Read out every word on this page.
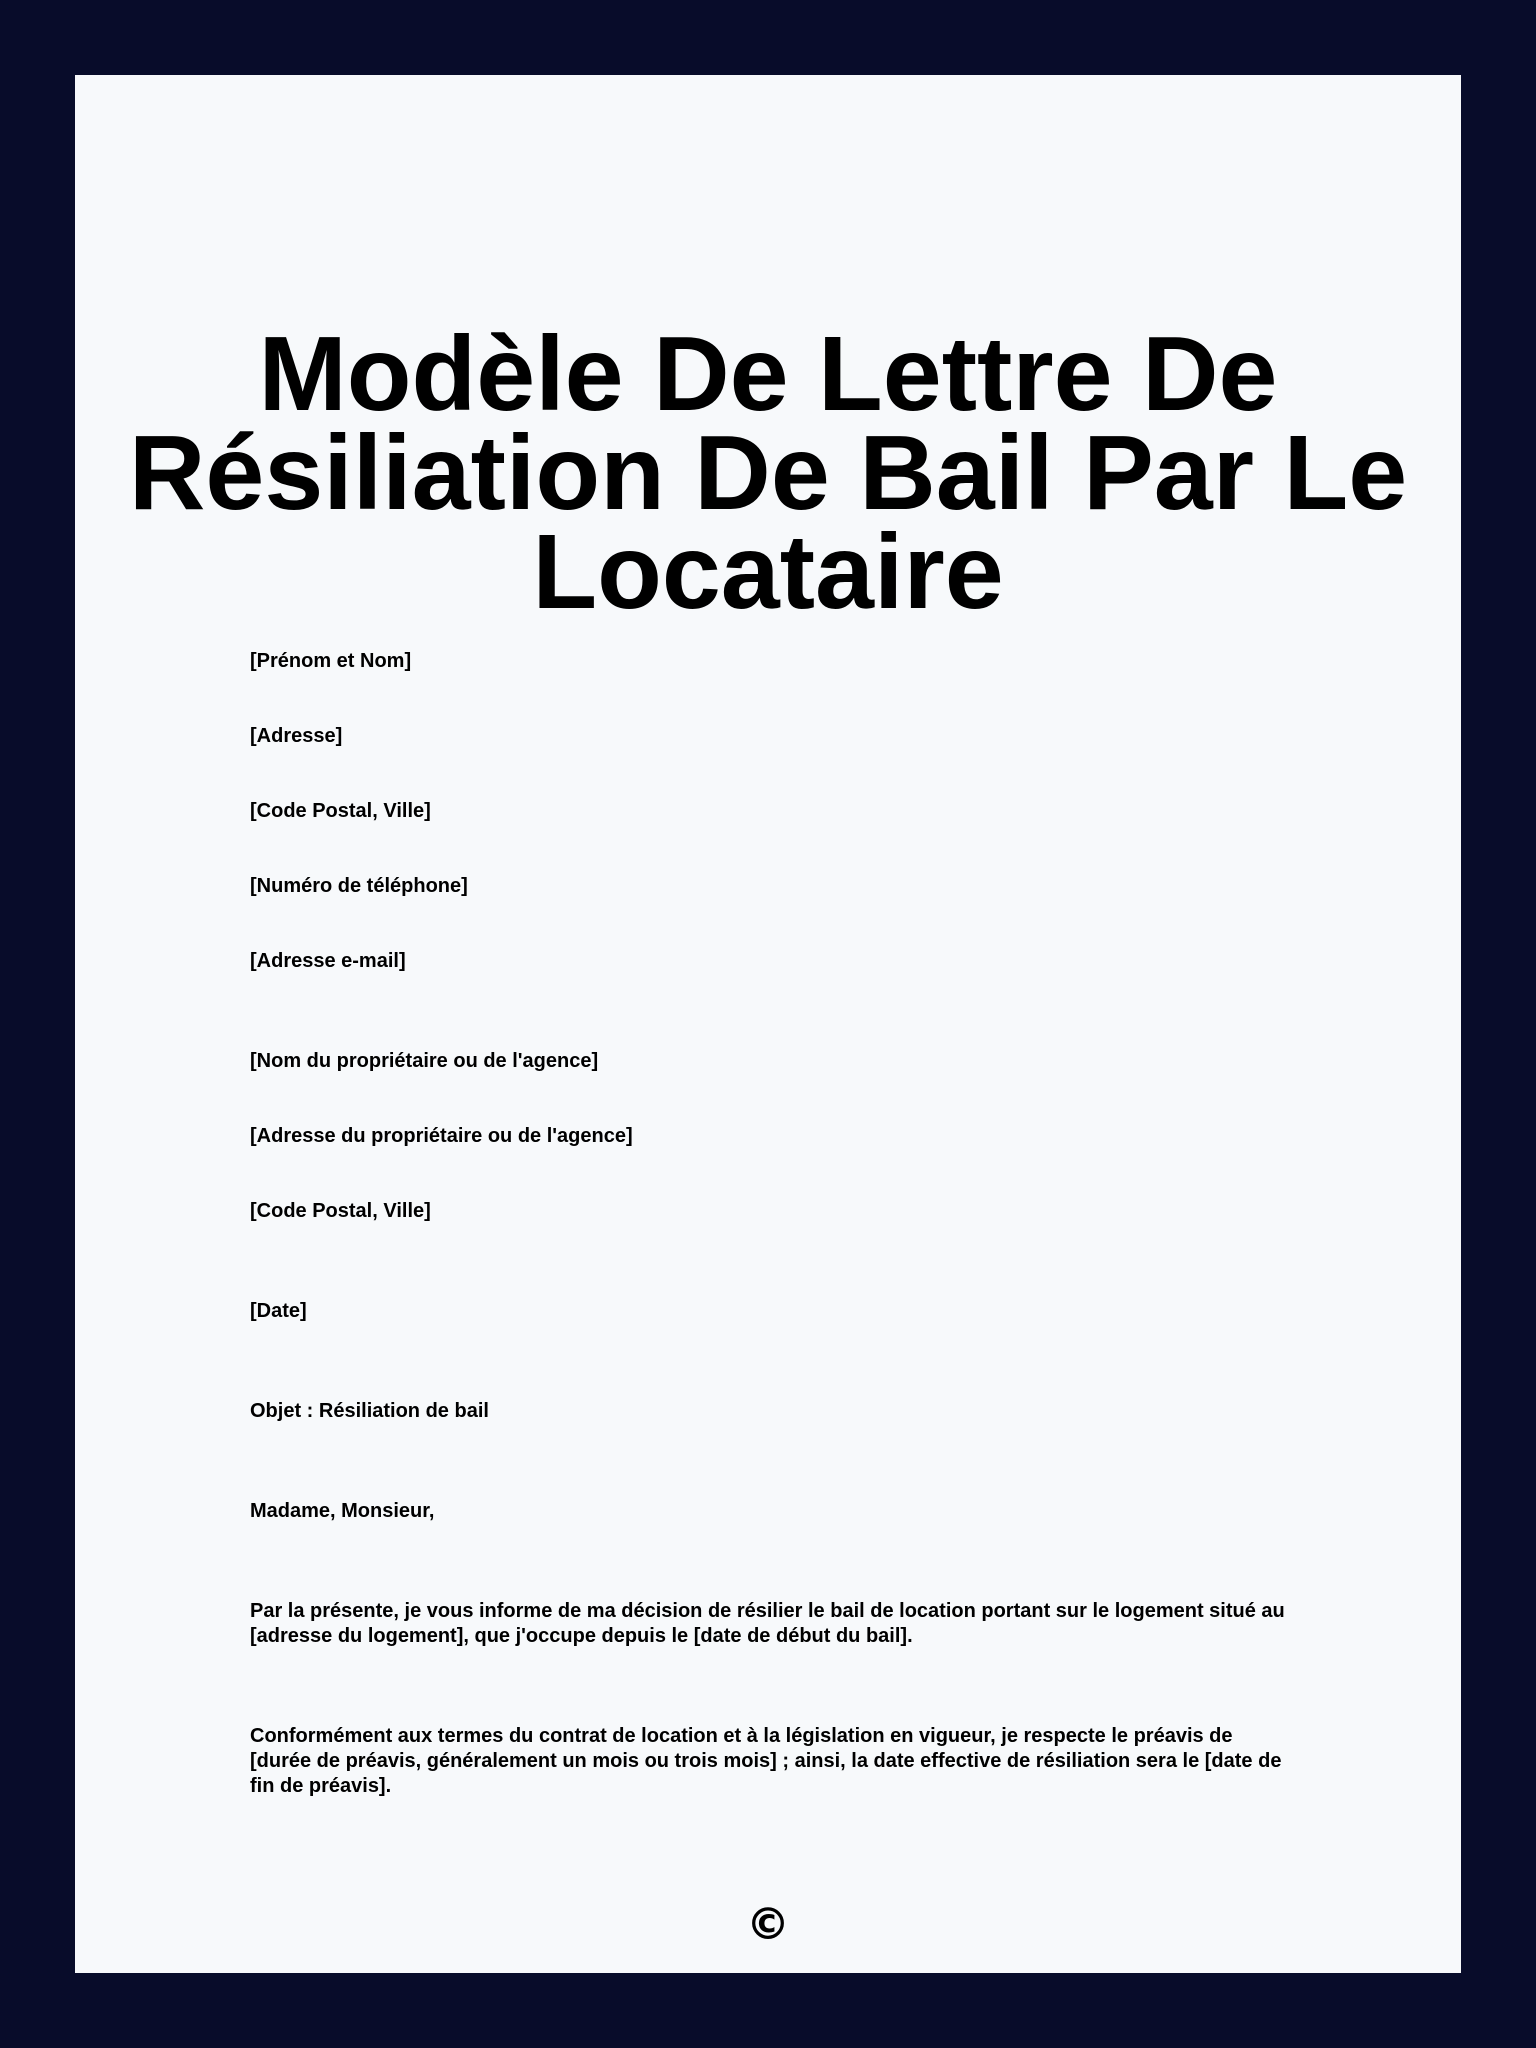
Modèle De Lettre De
Résiliation De Bail Par Le
Locataire

[Prénom et Nom]

[Adresse]

[Code Postal, Ville]

[Numéro de téléphone]

[Adresse e-mail]

[Nom du propriétaire ou de l'agence]

[Adresse du propriétaire ou de l'agence]

[Code Postal, Ville]

[Date]

Objet : Résiliation de bail

Madame, Monsieur,

Par la présente, je vous informe de ma décision de résilier le bail de location portant sur le logement situé au [adresse du logement], que j'occupe depuis le [date de début du bail].

Conformément aux termes du contrat de location et à la législation en vigueur, je respecte le préavis de [durée de préavis, généralement un mois ou trois mois] ; ainsi, la date effective de résiliation sera le [date de fin de préavis].

©
